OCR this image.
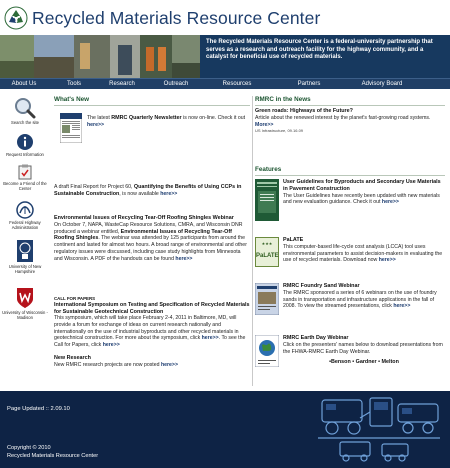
Recycled Materials Resource Center
The Recycled Materials Resource Center is a federal-university partnership that serves as a research and outreach facility for the highway community, and a catalyst for beneficial use of recycled materials.
About Us	Tools	Research	Outreach	Resources	Partners	Advisory Board
Search the site
Request Information
Become a Friend of the Center
Federal Highway Administration
University of New Hampshire
University of Wisconsin - Madison
What's New
The latest RMRC Quarterly Newsletter is now on-line. Check it out here>>
A draft Final Report for Project 60, Quantifying the Benefits of Using CCPs in Sustainable Construction, is now available here>>
Environmental Issues of Recycling Tear-Off Roofing Shingles Webinar
On October 7, NAPA, WasteCap Resource Solutions, CMRA, and Wisconsin DNR produced a webinar entitled, Environmental Issues of Recycling Tear-Off Roofing Shingles. The webinar was attended by 125 participants from around the continent and lasted for almost two hours. A broad range of environmental and other regulatory issues were discussed, including case study highlights from Minnesota and Wisconsin. A PDF of the handouts can be found here>>
CALL FOR PAPERS
International Symposium on Testing and Specification of Recycled Materials for Sustainable Geotechnical Construction
This symposium, which will take place February 2-4, 2011 in Baltimore, MD, will provide a forum for exchange of ideas on current research nationally and internationally on the use of industrial byproducts and other recycled materials in geotechnical construction. For more about the symposium, click here>>. To see the Call for Papers, click here>>
New Research
New RMRC research projects are now posted here>>
RMRC in the News
Green roads: Highways of the Future?
Article about the renewed interest by the planet's fast-growing road systems. More>>
US Infrastructure, 09.16.09
Features
User Guidelines for Byproducts and Secondary Use Materials in Pavement Construction
The User Guidelines have recently been updated with new materials and new evaluation guidance. Check it out here>>
★★★
PaLATE
PaLATE
This computer-based life-cycle cost analysis (LCCA) tool uses environmental parameters to assist decision-makers in evaluating the use of recycled materials. Download now here>>
RMRC Foundry Sand Webinar
The RMRC sponsored a series of 6 webinars on the use of foundry sands in transportation and infrastructure applications in the fall of 2008. To view the streamed presentations, click here>>
RMRC Earth Day Webinar
Click on the presenters' names below to download presentations from the FHWA-RMRC Earth Day Webinar.
•Benson • Gardner • Melton
Page Updated :: 2.09.10
Copyright © 2010
Recycled Materials Resource Center
